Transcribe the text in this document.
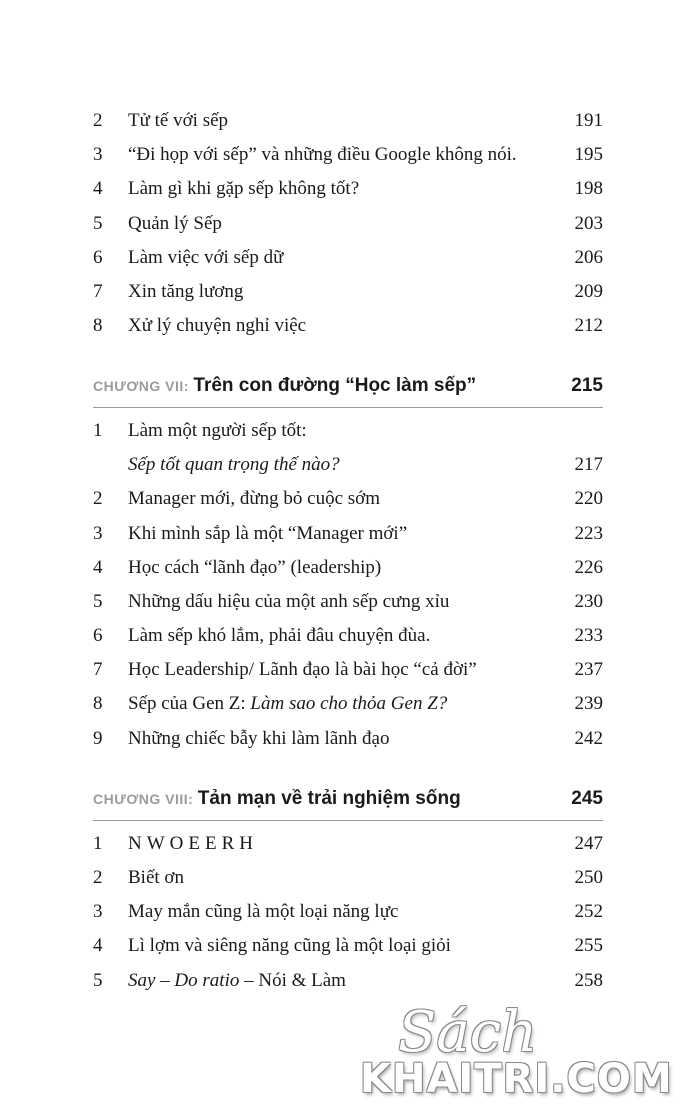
2	Tử tế với sếp	191
3	“Đi họp với sếp” và những điều Google không nói.	195
4	Làm gì khi gặp sếp không tốt?	198
5	Quản lý Sếp	203
6	Làm việc với sếp dữ	206
7	Xin tăng lương	209
8	Xử lý chuyện nghỉ việc	212
CHƯƠNG VII: Trên con đường “Học làm sếp”	215
1	Làm một người sếp tốt:
Sếp tốt quan trọng thế nào?	217
2	Manager mới, đừng bỏ cuộc sớm	220
3	Khi mình sắp là một “Manager mới”	223
4	Học cách “lãnh đạo” (leadership)	226
5	Những dấu hiệu của một anh sếp cưng xỉu	230
6	Làm sếp khó lắm, phải đâu chuyện đùa.	233
7	Học Leadership/ Lãnh đạo là bài học “cả đời”	237
8	Sếp của Gen Z: Làm sao cho thỏa Gen Z?	239
9	Những chiếc bẫy khi làm lãnh đạo	242
CHƯƠNG VIII: Tản mạn về trải nghiệm sống	245
1	NWOEERH	247
2	Biết ơn	250
3	May mắn cũng là một loại năng lực	252
4	Lì lợm và siêng năng cũng là một loại giỏi	255
5	Say – Do ratio – Nói & Làm	258
Sách
KHAITRI.COM
